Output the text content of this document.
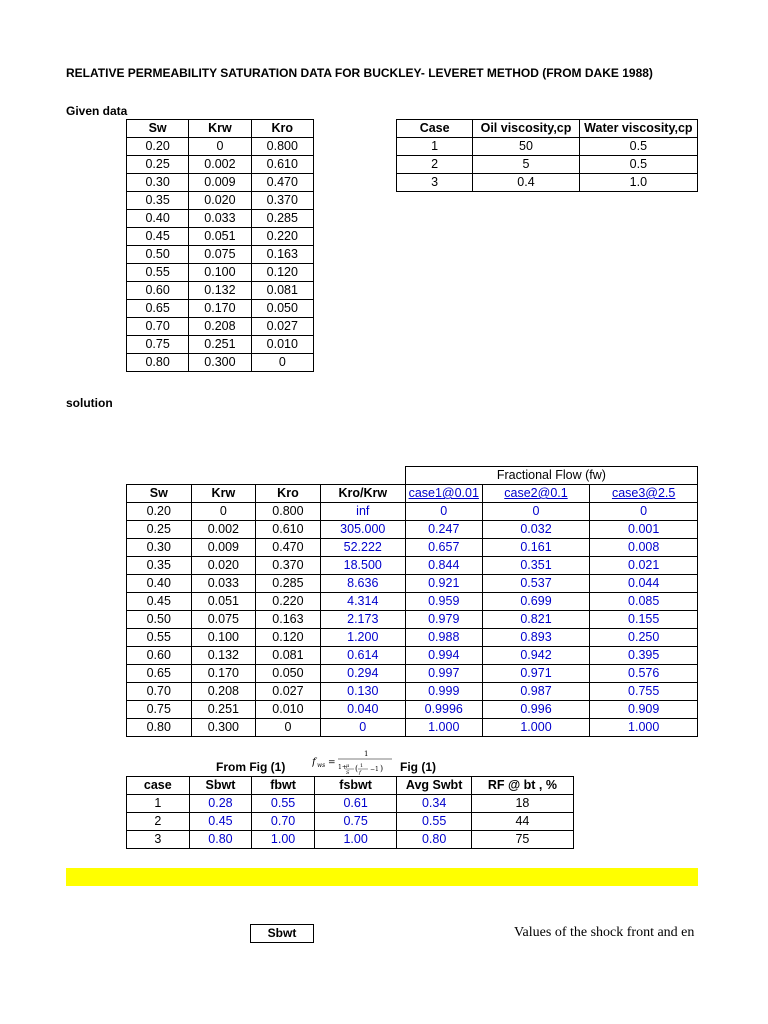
RELATIVE PERMEABILITY SATURATION DATA FOR BUCKLEY- LEVERET METHOD (FROM DAKE 1988)
Given data
Sw	Krw	Kro
0.20	0	0.800
0.25	0.002	0.610
0.30	0.009	0.470
0.35	0.020	0.370
0.40	0.033	0.285
0.45	0.051	0.220
0.50	0.075	0.163
0.55	0.100	0.120
0.60	0.132	0.081
0.65	0.170	0.050
0.70	0.208	0.027
0.75	0.251	0.010
0.80	0.300	0
Case	Oil viscosity,cp	Water viscosity,cp
1	50	0.5
2	5	0.5
3	0.4	1.0
solution
				Fractional Flow (fw)		
Sw	Krw	Kro	Kro/Krw	case1@0.01	case2@0.1	case3@2.5
0.20	0	0.800	inf	0	0	0
0.25	0.002	0.610	305.000	0.247	0.032	0.001
0.30	0.009	0.470	52.222	0.657	0.161	0.008
0.35	0.020	0.370	18.500	0.844	0.351	0.021
0.40	0.033	0.285	8.636	0.921	0.537	0.044
0.45	0.051	0.220	4.314	0.959	0.699	0.085
0.50	0.075	0.163	2.173	0.979	0.821	0.155
0.55	0.100	0.120	1.200	0.988	0.893	0.250
0.60	0.132	0.081	0.614	0.994	0.942	0.395
0.65	0.170	0.050	0.294	0.997	0.971	0.576
0.70	0.208	0.027	0.130	0.999	0.987	0.755
0.75	0.251	0.010	0.040	0.9996	0.996	0.909
0.80	0.300	0	0	1.000	1.000	1.000
From Fig (1)	f ws =
1
1+ μ
S ( 1
f −1 ) Fig (1)
case	Sbwt	fbwt	fsbwt	Avg Swbt	RF @ bt , %
1	0.28	0.55	0.61	0.34	18
2	0.45	0.70	0.75	0.55	44
3	0.80	1.00	1.00	0.80	75
Sbwt	Values of the shock front and en
